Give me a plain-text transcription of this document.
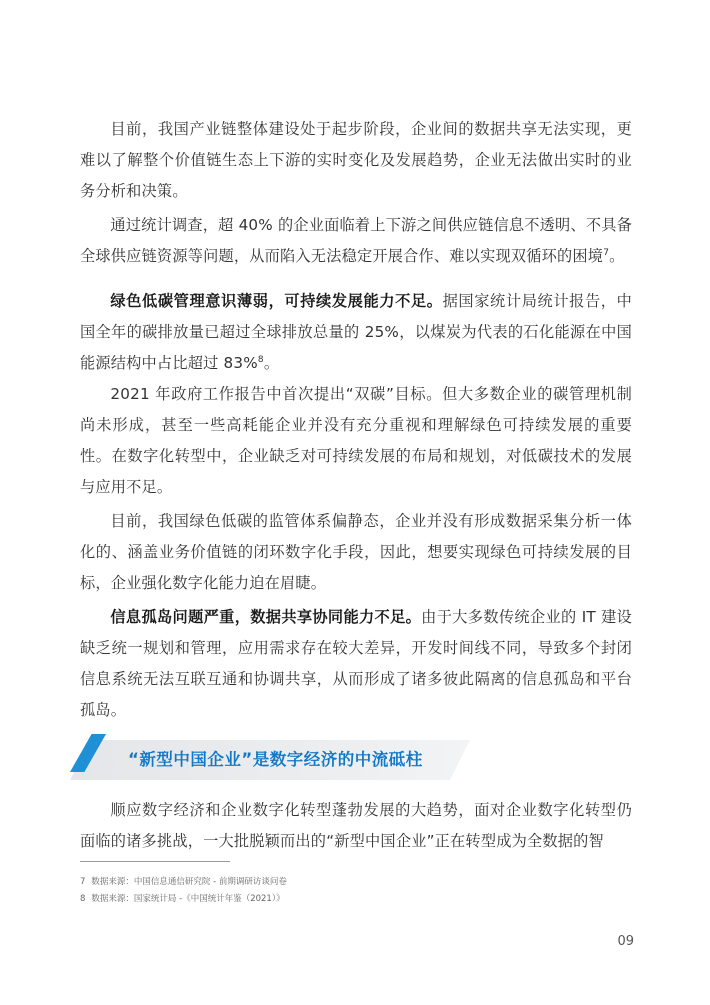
目前，我国产业链整体建设处于起步阶段，企业间的数据共享无法实现，更难以了解整个价值链生态上下游的实时变化及发展趋势，企业无法做出实时的业务分析和决策。

通过统计调查，超 40% 的企业面临着上下游之间供应链信息不透明、不具备全球供应链资源等问题，从而陷入无法稳定开展合作、难以实现双循环的困境$^7$。

绿色低碳管理意识薄弱，可持续发展能力不足。据国家统计局统计报告，中国全年的碳排放量已超过全球排放总量的 25%，以煤炭为代表的石化能源在中国能源结构中占比超过 83%$^8$。

2021 年政府工作报告中首次提出“双碳”目标。但大多数企业的碳管理机制尚未形成，甚至一些高耗能企业并没有充分重视和理解绿色可持续发展的重要性。在数字化转型中，企业缺乏对可持续发展的布局和规划，对低碳技术的发展与应用不足。

目前，我国绿色低碳的监管体系偏静态，企业并没有形成数据采集分析一体化的、涵盖业务价值链的闭环数字化手段，因此，想要实现绿色可持续发展的目标，企业强化数字化能力迫在眉睫。

信息孤岛问题严重，数据共享协同能力不足。由于大多数传统企业的 IT 建设缺乏统一规划和管理，应用需求存在较大差异，开发时间线不同，导致多个封闭信息系统无法互联互通和协调共享，从而形成了诸多彼此隔离的信息孤岛和平台孤岛。

“新型中国企业”是数字经济的中流砥柱

顺应数字经济和企业数字化转型蓬勃发展的大趋势，面对企业数字化转型仍面临的诸多挑战，一大批脱颖而出的“新型中国企业”正在转型成为全数据的智

7 数据来源：中国信息通信研究院 - 前期调研访谈问卷
8 数据来源：国家统计局 -《中国统计年鉴（2021）》
09
